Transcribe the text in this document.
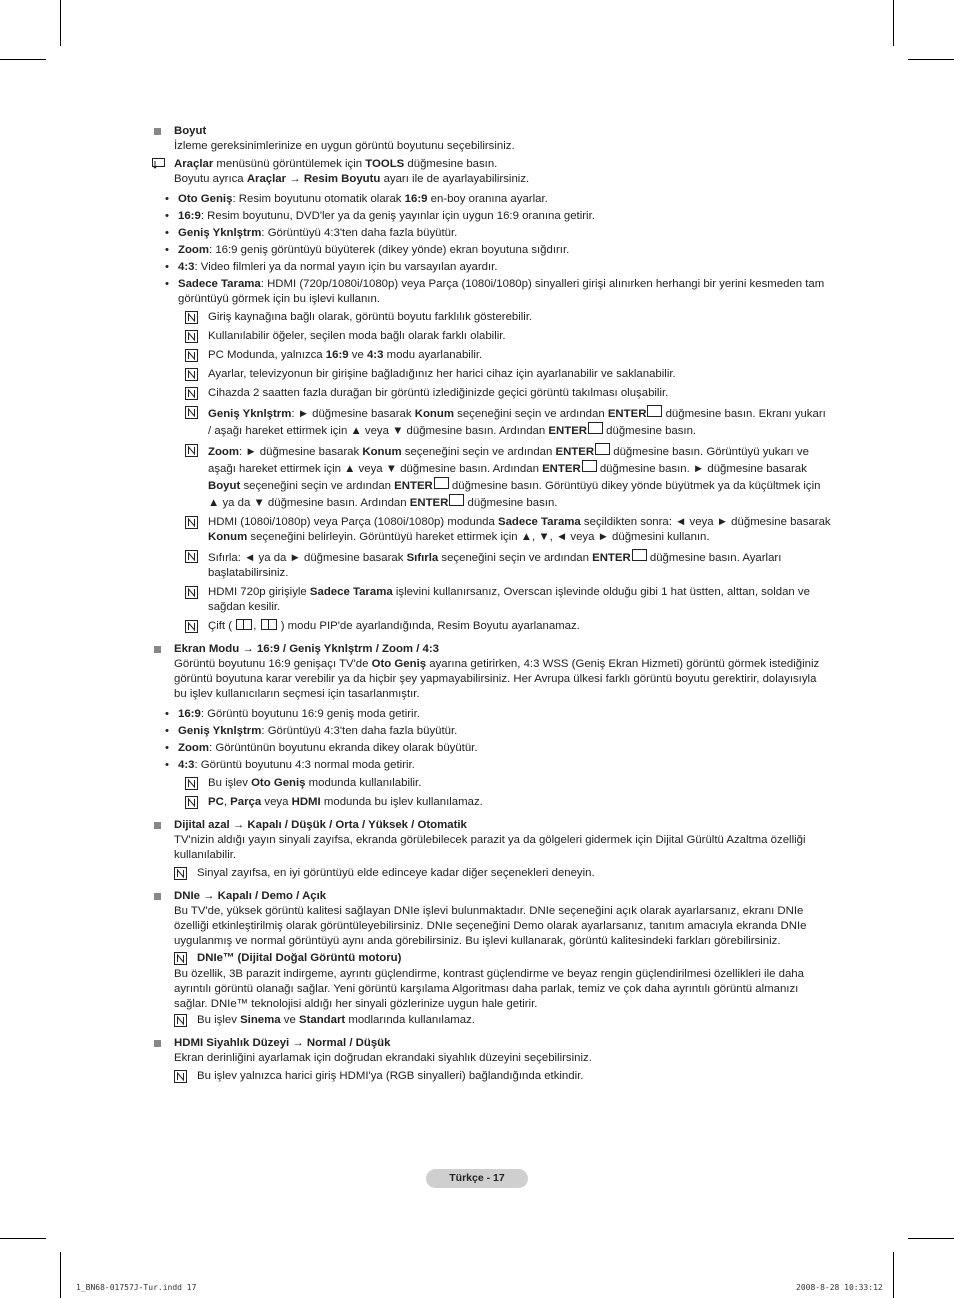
Boyut

İzleme gereksinimlerinize en uygun görüntü boyutunu seçebilirsiniz.

Araçlar menüsünü görüntülemek için TOOLS düğmesine basın.
Boyutu ayrıca Araçlar → Resim Boyutu ayarı ile de ayarlayabilirsiniz.
• Oto Geniş: Resim boyutunu otomatik olarak 16:9 en-boy oranına ayarlar.
• 16:9: Resim boyutunu, DVD'ler ya da geniş yayınlar için uygun 16:9 oranına getirir.
• Geniş Yknlştrm: Görüntüyü 4:3'ten daha fazla büyütür.
• Zoom: 16:9 geniş görüntüyü büyüterek (dikey yönde) ekran boyutuna sığdırır.
• 4:3: Video filmleri ya da normal yayın için bu varsayılan ayardır.
• Sadece Tarama: HDMI (720p/1080i/1080p) veya Parça (1080i/1080p) sinyalleri girişi alınırken herhangi bir yerini kesmeden tam görüntüyü görmek için bu işlevi kullanın.
Giriş kaynağına bağlı olarak, görüntü boyutu farklılık gösterebilir.
Kullanılabilir öğeler, seçilen moda bağlı olarak farklı olabilir.
PC Modunda, yalnızca 16:9 ve 4:3 modu ayarlanabilir.
Ayarlar, televizyonun bir girişine bağladığınız her harici cihaz için ayarlanabilir ve saklanabilir.
Cihazda 2 saatten fazla durağan bir görüntü izlediğinizde geçici görüntü takılması oluşabilir.
Geniş Yknlştrm: ► düğmesine basarak Konum seçeneğini seçin ve ardından ENTER düğmesine basın. Ekranı yukarı / aşağı hareket ettirmek için ▲ veya ▼ düğmesine basın. Ardından ENTER düğmesine basın.
Zoom: ► düğmesine basarak Konum seçeneğini seçin ve ardından ENTER düğmesine basın. Görüntüyü yukarı ve aşağı hareket ettirmek için ▲ veya ▼ düğmesine basın. Ardından ENTER düğmesine basın. ► düğmesine basarak Boyut seçeneğini seçin ve ardından ENTER düğmesine basın. Görüntüyü dikey yönde büyütmek ya da küçültmek için ▲ ya da ▼ düğmesine basın. Ardından ENTER düğmesine basın.
HDMI (1080i/1080p) veya Parça (1080i/1080p) modunda Sadece Tarama seçildikten sonra: ◄ veya ► düğmesine basarak Konum seçeneğini belirleyin. Görüntüyü hareket ettirmek için ▲, ▼, ◄ veya ► düğmesini kullanın.
Sıfırla: ◄ ya da ► düğmesine basarak Sıfırla seçeneğini seçin ve ardından ENTER düğmesine basın. Ayarları başlatabilirsiniz.
HDMI 720p girişiyle Sadece Tarama işlevini kullanırsanız, Overscan işlevinde olduğu gibi 1 hat üstten, alttan, soldan ve sağdan kesilir.
Çift ( ,  ) modu PIP'de ayarlandığında, Resim Boyutu ayarlanamaz.
Ekran Modu → 16:9 / Geniş Yknlştrm / Zoom / 4:3

Görüntü boyutunu 16:9 genişaçı TV'de Oto Geniş ayarına getirirken, 4:3 WSS (Geniş Ekran Hizmeti) görüntü görmek istediğiniz görüntü boyutuna karar verebilir ya da hiçbir şey yapmayabilirsiniz. Her Avrupa ülkesi farklı görüntü boyutu gerektirir, dolayısıyla bu işlev kullanıcıların seçmesi için tasarlanmıştır.

• 16:9: Görüntü boyutunu 16:9 geniş moda getirir.
• Geniş Yknlştrm: Görüntüyü 4:3'ten daha fazla büyütür.
• Zoom: Görüntünün boyutunu ekranda dikey olarak büyütür.
• 4:3: Görüntü boyutunu 4:3 normal moda getirir.
Bu işlev Oto Geniş modunda kullanılabilir.
PC, Parça veya HDMI modunda bu işlev kullanılamaz.
Dijital azal → Kapalı / Düşük / Orta / Yüksek / Otomatik

TV'nizin aldığı yayın sinyali zayıfsa, ekranda görülebilecek parazit ya da gölgeleri gidermek için Dijital Gürültü Azaltma özelliği kullanılabilir.

Sinyal zayıfsa, en iyi görüntüyü elde edinceye kadar diğer seçenekleri deneyin.
DNIe → Kapalı / Demo / Açık

Bu TV'de, yüksek görüntü kalitesi sağlayan DNIe işlevi bulunmaktadır. DNIe seçeneğini açık olarak ayarlarsanız, ekranı DNIe özelliği etkinleştirilmiş olarak görüntüleyebilirsiniz. DNIe seçeneğini Demo olarak ayarlarsanız, tanıtım amacıyla ekranda DNIe uygulanmış ve normal görüntüyü aynı anda görebilirsiniz. Bu işlevi kullanarak, görüntü kalitesindeki farkları görebilirsiniz.

DNIe™ (Dijital Doğal Görüntü motoru)

Bu özellik, 3B parazit indirgeme, ayrıntı güçlendirme, kontrast güçlendirme ve beyaz rengin güçlendirilmesi özellikleri ile daha ayrıntılı görüntü olanağı sağlar. Yeni görüntü karşılama Algoritması daha parlak, temiz ve çok daha ayrıntılı görüntü almanızı sağlar. DNIe™ teknolojisi aldığı her sinyali gözlerinize uygun hale getirir.

Bu işlev Sinema ve Standart modlarında kullanılamaz.
HDMI Siyahlık Düzeyi → Normal / Düşük

Ekran derinliğini ayarlamak için doğrudan ekrandaki siyahlık düzeyini seçebilirsiniz.

Bu işlev yalnızca harici giriş HDMI'ya (RGB sinyalleri) bağlandığında etkindir.
Türkçe - 17
1_BN68-01757J-Tur.indd 17	2008-8-28 10:33:12
